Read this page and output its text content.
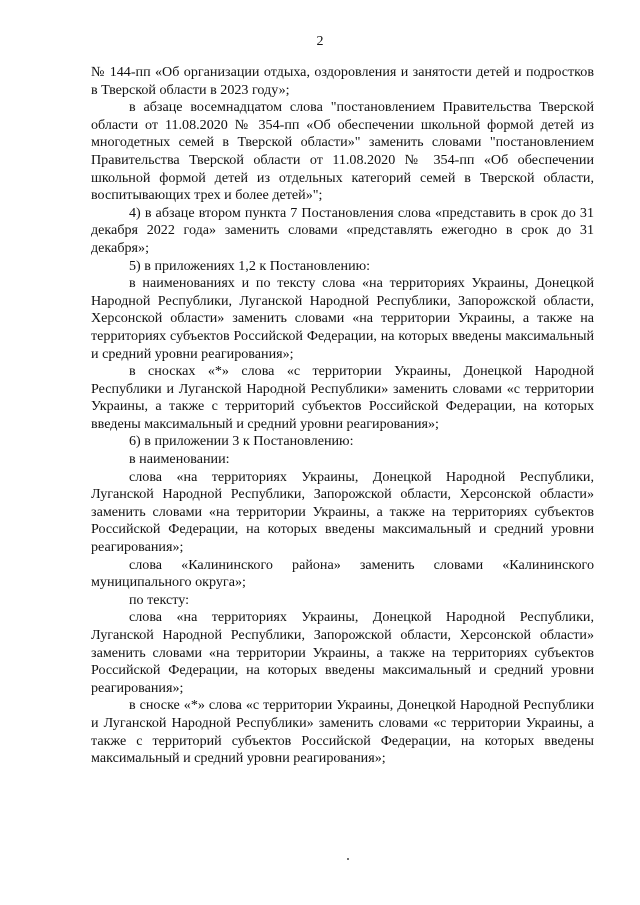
2

№ 144-пп «Об организации отдыха, оздоровления и занятости детей и подростков в Тверской области в 2023 году»;

в абзаце восемнадцатом слова "постановлением Правительства Тверской области от 11.08.2020 № 354-пп «Об обеспечении школьной формой детей из многодетных семей в Тверской области»" заменить словами "постановлением Правительства Тверской области от 11.08.2020 № 354-пп «Об обеспечении школьной формой детей из отдельных категорий семей в Тверской области, воспитывающих трех и более детей»";

4) в абзаце втором пункта 7 Постановления слова «представить в срок до 31 декабря 2022 года» заменить словами «представлять ежегодно в срок до 31 декабря»;

5) в приложениях 1,2 к Постановлению:

в наименованиях и по тексту слова «на территориях Украины, Донецкой Народной Республики, Луганской Народной Республики, Запорожской области, Херсонской области» заменить словами «на территории Украины, а также на территориях субъектов Российской Федерации, на которых введены максимальный и средний уровни реагирования»;

в сносках «*» слова «с территории Украины, Донецкой Народной Республики и Луганской Народной Республики» заменить словами «с территории Украины, а также с территорий субъектов Российской Федерации, на которых введены максимальный и средний уровни реагирования»;

6) в приложении 3 к Постановлению:

в наименовании:

слова «на территориях Украины, Донецкой Народной Республики, Луганской Народной Республики, Запорожской области, Херсонской области» заменить словами «на территории Украины, а также на территориях субъектов Российской Федерации, на которых введены максимальный и средний уровни реагирования»;

слова «Калининского района» заменить словами «Калининского муниципального округа»;

по тексту:

слова «на территориях Украины, Донецкой Народной Республики, Луганской Народной Республики, Запорожской области, Херсонской области» заменить словами «на территории Украины, а также на территориях субъектов Российской Федерации, на которых введены максимальный и средний уровни реагирования»;

в сноске «*» слова «с территории Украины, Донецкой Народной Республики и Луганской Народной Республики» заменить словами «с территории Украины, а также с территорий субъектов Российской Федерации, на которых введены максимальный и средний уровни реагирования»;
